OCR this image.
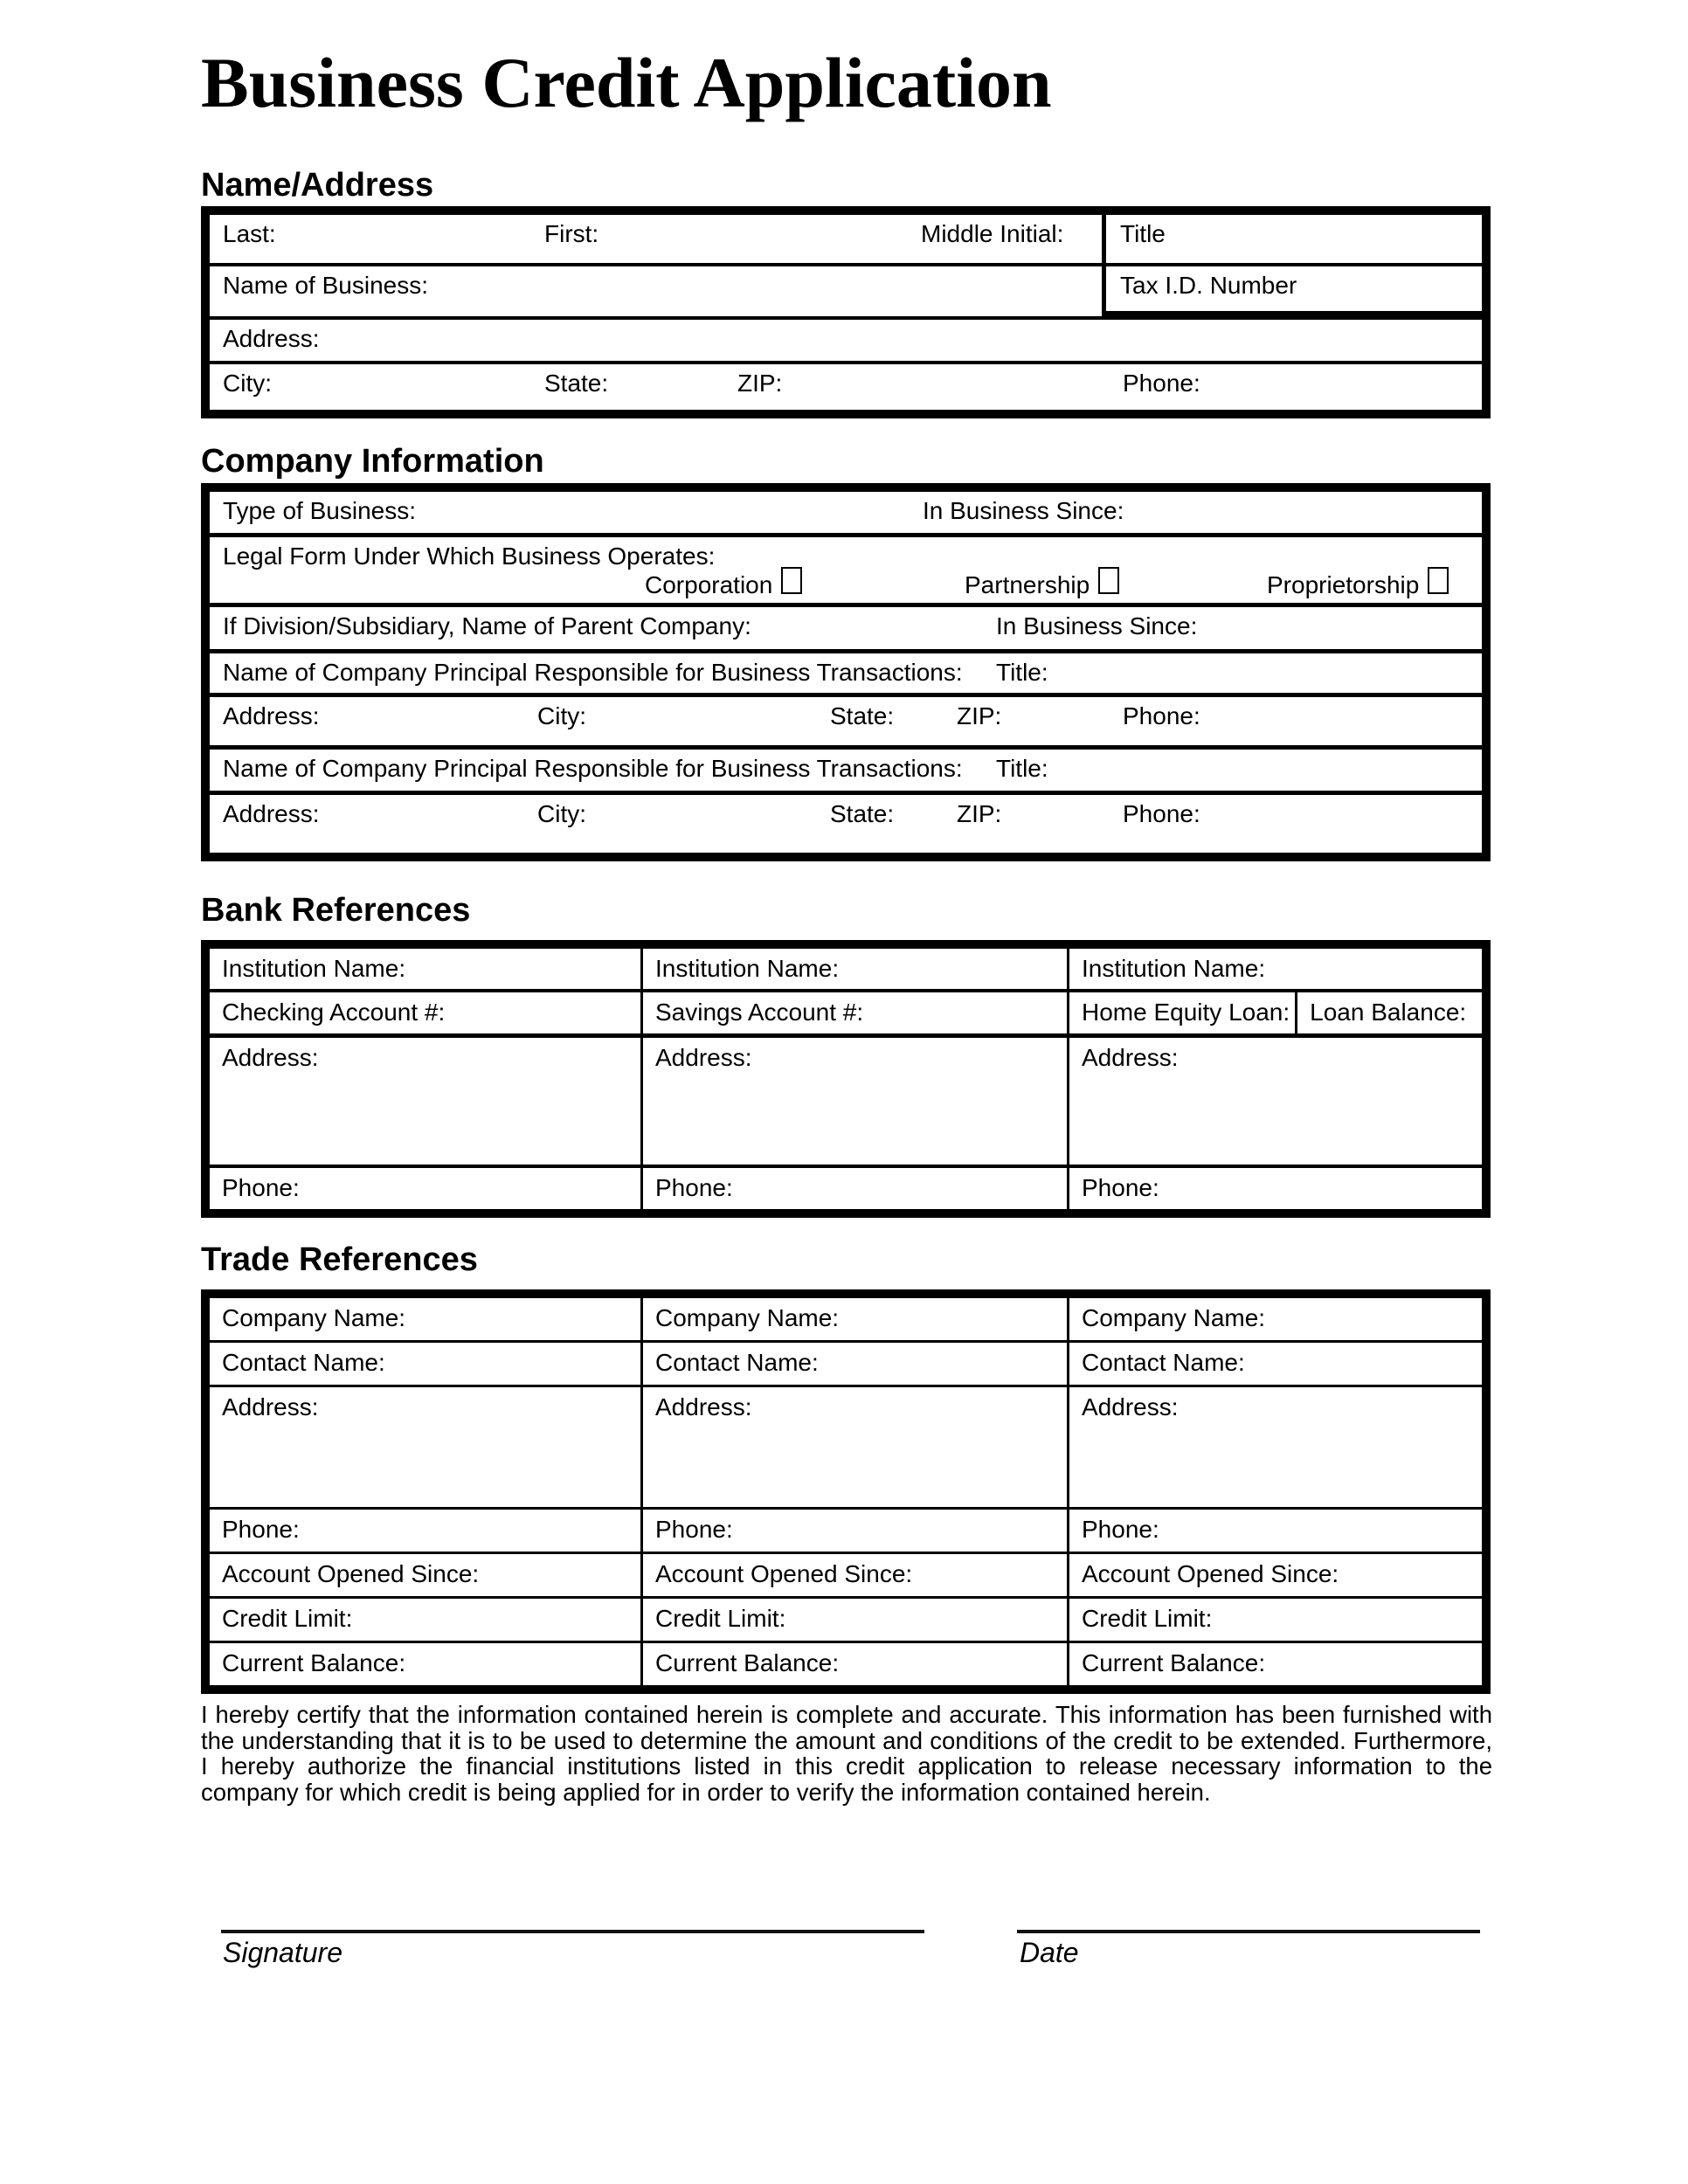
Business Credit Application
Name/Address
Last:	First:	Middle Initial: Title
Name of Business:	Tax I.D. Number
Address:
City:	State:	ZIP:	Phone:
Company Information
Type of Business:	In Business Since:
Legal Form Under Which Business Operates:
Corporation	Partnership	Proprietorship
If Division/Subsidiary, Name of Parent Company:	In Business Since:
Name of Company Principal Responsible for Business Transactions: Title:
Address:	City:	State:	ZIP:	Phone:
Name of Company Principal Responsible for Business Transactions: Title:
Address:	City:	State:	ZIP:	Phone:
Bank References
Institution Name:	Institution Name:	Institution Name:
Checking Account #:	Savings Account #:	Home Equity Loan: Loan Balance:
Address:	Address:	Address:
Phone:	Phone:	Phone:
Trade References
Company Name:	Company Name:	Company Name:
Contact Name:	Contact Name:	Contact Name:
Address:	Address:	Address:
Phone:	Phone:	Phone:
Account Opened Since:	Account Opened Since:	Account Opened Since:
Credit Limit:	Credit Limit:	Credit Limit:
Current Balance:	Current Balance:	Current Balance:
I hereby certify that the information contained herein is complete and accurate. This information has been furnished with the understanding that it is to be used to determine the amount and conditions of the credit to be extended. Furthermore, I hereby authorize the financial institutions listed in this credit application to release necessary information to the company for which credit is being applied for in order to verify the information contained herein.
Signature	Date
